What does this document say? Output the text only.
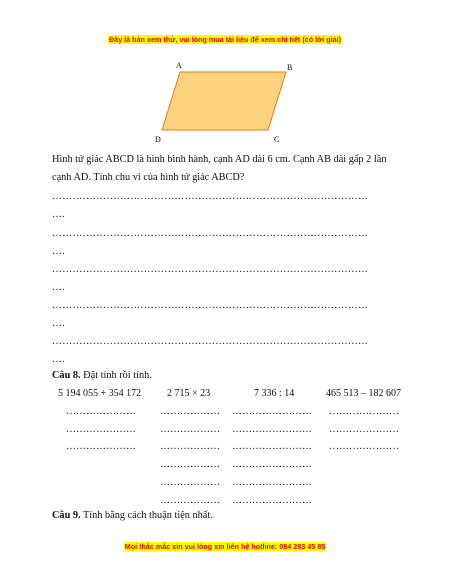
Đây là bản xem thử, vui lòng mua tài liệu để xem chi tiết (có lời giải)
A	B
C
D
Hình tứ giác ABCD là hình bình hành, cạnh AD dài 6 cm. Cạnh AB dài gấp 2 lần
cạnh AD. Tính chu vi của hình tứ giác ABCD?
…………………………………………………………………………………
….
…………………………………………………………………………………
….
…………………………………………………………………………………
….
…………………………………………………………………………………
….
…………………………………………………………………………………
….
Câu 8. Đặt tính rồi tính.
5 194 055 + 354 172	2 715 × 23	7 336 : 14	465 513 – 182 607
…………………
…………………
…………………
………………
………………
………………
………………
………………
………………
……………………
……………………
……………………
……………………
……………………
……………………
…………………
…………………
…………………
Câu 9. Tính bằng cách thuận tiện nhất.
Mọi thắc mắc xin vui lòng xin liên hệ hotline: 084 283 45 85
